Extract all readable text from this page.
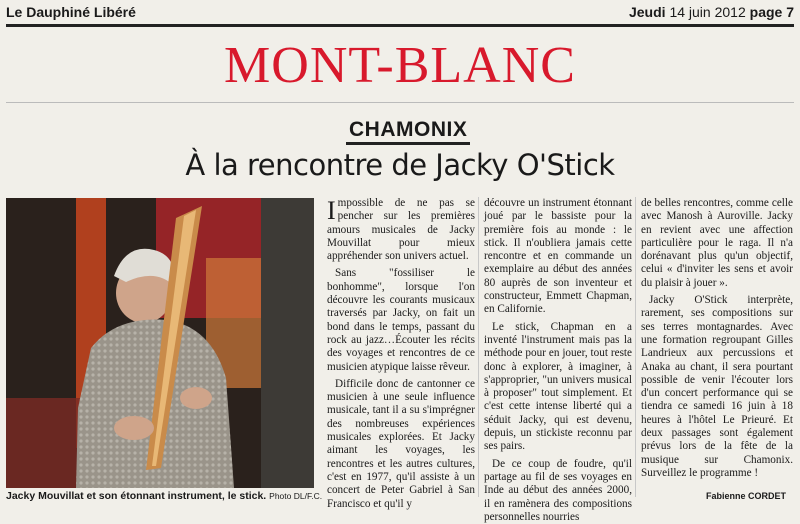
Le Dauphiné Libéré	Jeudi 14 juin 2012 page 7
MONT-BLANC
CHAMONIX
À la rencontre de Jacky O'Stick
Jacky Mouvillat et son étonnant instrument, le stick. Photo DL/F.C.

Impossible de ne pas se pencher sur les premières amours musicales de Jacky Mouvillat pour mieux appréhender son univers actuel.

Sans "fossiliser le bonhomme", lorsque l'on découvre les courants musicaux traversés par Jacky, on fait un bond dans le temps, passant du rock au jazz…Écouter les récits des voyages et rencontres de ce musicien atypique laisse rêveur.

Difficile donc de cantonner ce musicien à une seule influence musicale, tant il a su s'imprégner des nombreuses expériences musicales explorées. Et Jacky aimant les voyages, les rencontres et les autres cultures, c'est en 1977, qu'il assiste à un concert de Peter Gabriel à San Francisco et qu'il y

découvre un instrument étonnant joué par le bassiste pour la première fois au monde : le stick. Il n'oubliera jamais cette rencontre et en commande un exemplaire au début des années 80 auprès de son inventeur et constructeur, Emmett Chapman, en Californie.

Le stick, Chapman en a inventé l'instrument mais pas la méthode pour en jouer, tout reste donc à explorer, à imaginer, à s'approprier, "un univers musical à proposer" tout simplement. Et c'est cette intense liberté qui a séduit Jacky, qui est devenu, depuis, un stickiste reconnu par ses pairs.

De ce coup de foudre, qu'il partage au fil de ses voyages en Inde au début des années 2000, il en ramènera des compositions personnelles nourries

de belles rencontres, comme celle avec Manosh à Auroville. Jacky en revient avec une affection particulière pour le raga. Il n'a dorénavant plus qu'un objectif, celui « d'inviter les sens et avoir du plaisir à jouer ».

Jacky O'Stick interprète, rarement, ses compositions sur ses terres montagnardes. Avec une formation regroupant Gilles Landrieux aux percussions et Anaka au chant, il sera pourtant possible de venir l'écouter lors d'un concert performance qui se tiendra ce samedi 16 juin à 18 heures à l'hôtel Le Prieuré. Et deux passages sont également prévus lors de la fête de la musique sur Chamonix. Surveillez le programme !

Fabienne CORDET
